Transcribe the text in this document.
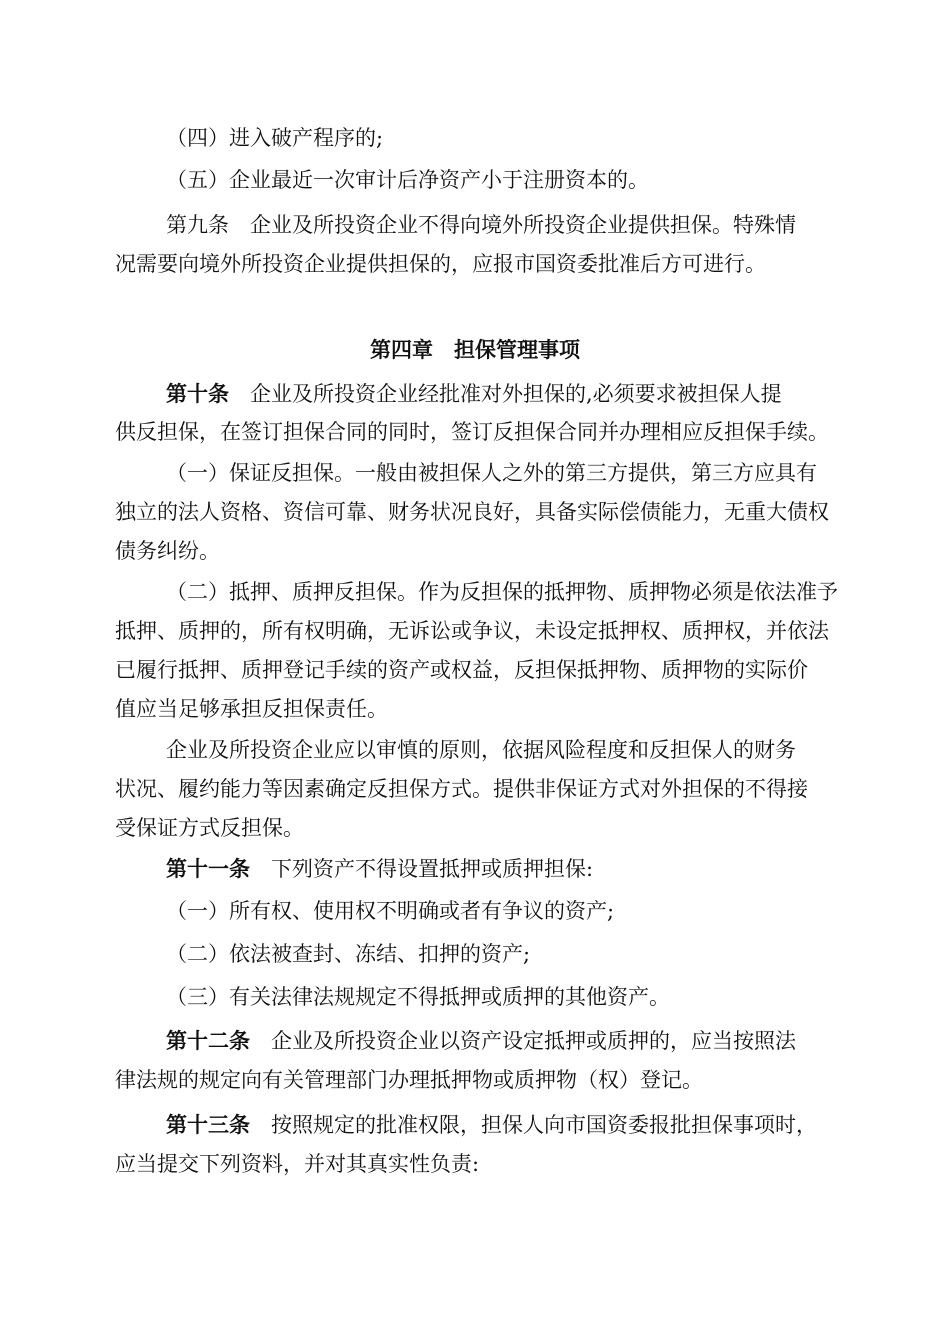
（四）进入破产程序的;
（五）企业最近一次审计后净资产小于注册资本的。
第九条　企业及所投资企业不得向境外所投资企业提供担保。特殊情
况需要向境外所投资企业提供担保的，应报市国资委批准后方可进行。
第四章　担保管理事项
第十条　企业及所投资企业经批准对外担保的,必须要求被担保人提
供反担保，在签订担保合同的同时，签订反担保合同并办理相应反担保手续。
（一）保证反担保。一般由被担保人之外的第三方提供，第三方应具有
独立的法人资格、资信可靠、财务状况良好，具备实际偿债能力，无重大债权
债务纠纷。
（二）抵押、质押反担保。作为反担保的抵押物、质押物必须是依法准予
抵押、质押的，所有权明确，无诉讼或争议，未设定抵押权、质押权，并依法
已履行抵押、质押登记手续的资产或权益，反担保抵押物、质押物的实际价
值应当足够承担反担保责任。
企业及所投资企业应以审慎的原则，依据风险程度和反担保人的财务
状况、履约能力等因素确定反担保方式。提供非保证方式对外担保的不得接
受保证方式反担保。
第十一条　下列资产不得设置抵押或质押担保:
（一）所有权、使用权不明确或者有争议的资产;
（二）依法被查封、冻结、扣押的资产;
（三）有关法律法规规定不得抵押或质押的其他资产。
第十二条　企业及所投资企业以资产设定抵押或质押的，应当按照法
律法规的规定向有关管理部门办理抵押物或质押物（权）登记。
第十三条　按照规定的批准权限，担保人向市国资委报批担保事项时，
应当提交下列资料，并对其真实性负责:
